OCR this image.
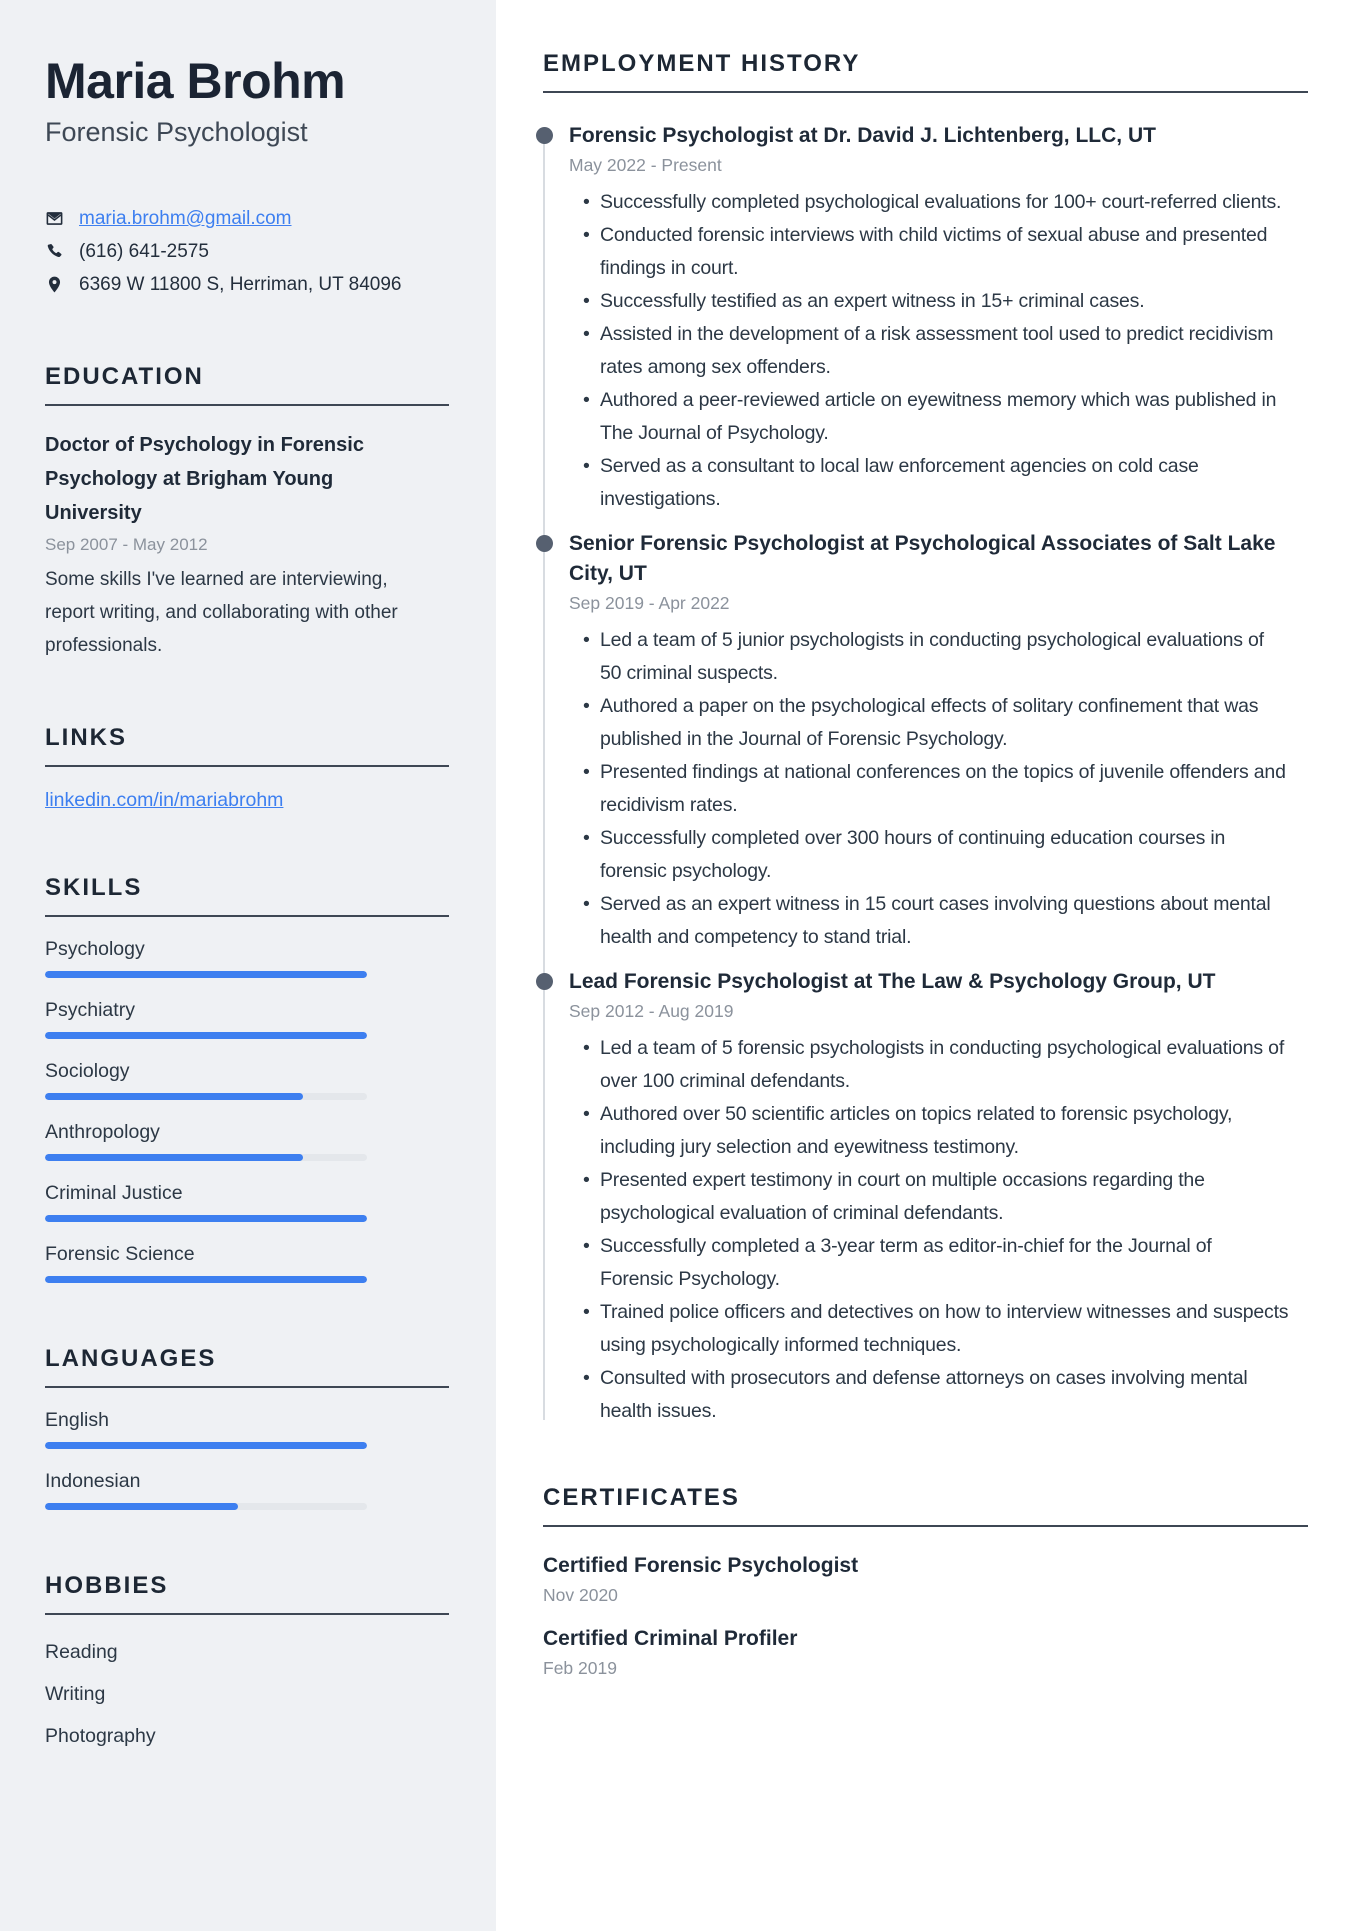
Maria Brohm
Forensic Psychologist
maria.brohm@gmail.com
(616) 641-2575
6369 W 11800 S, Herriman, UT 84096
EDUCATION
Doctor of Psychology in Forensic Psychology at Brigham Young University
Sep 2007 - May 2012
Some skills I've learned are interviewing, report writing, and collaborating with other professionals.
LINKS
linkedin.com/in/mariabrohm
SKILLS
Psychology
Psychiatry
Sociology
Anthropology
Criminal Justice
Forensic Science
LANGUAGES
English
Indonesian
HOBBIES
Reading
Writing
Photography
EMPLOYMENT HISTORY
Forensic Psychologist at Dr. David J. Lichtenberg, LLC, UT
May 2022 - Present
• Successfully completed psychological evaluations for 100+ court-referred clients.
• Conducted forensic interviews with child victims of sexual abuse and presented findings in court.
• Successfully testified as an expert witness in 15+ criminal cases.
• Assisted in the development of a risk assessment tool used to predict recidivism rates among sex offenders.
• Authored a peer-reviewed article on eyewitness memory which was published in The Journal of Psychology.
• Served as a consultant to local law enforcement agencies on cold case investigations.
Senior Forensic Psychologist at Psychological Associates of Salt Lake City, UT
Sep 2019 - Apr 2022
• Led a team of 5 junior psychologists in conducting psychological evaluations of 50 criminal suspects.
• Authored a paper on the psychological effects of solitary confinement that was published in the Journal of Forensic Psychology.
• Presented findings at national conferences on the topics of juvenile offenders and recidivism rates.
• Successfully completed over 300 hours of continuing education courses in forensic psychology.
• Served as an expert witness in 15 court cases involving questions about mental health and competency to stand trial.
Lead Forensic Psychologist at The Law & Psychology Group, UT
Sep 2012 - Aug 2019
• Led a team of 5 forensic psychologists in conducting psychological evaluations of over 100 criminal defendants.
• Authored over 50 scientific articles on topics related to forensic psychology, including jury selection and eyewitness testimony.
• Presented expert testimony in court on multiple occasions regarding the psychological evaluation of criminal defendants.
• Successfully completed a 3-year term as editor-in-chief for the Journal of Forensic Psychology.
• Trained police officers and detectives on how to interview witnesses and suspects using psychologically informed techniques.
• Consulted with prosecutors and defense attorneys on cases involving mental health issues.
CERTIFICATES
Certified Forensic Psychologist
Nov 2020
Certified Criminal Profiler
Feb 2019
